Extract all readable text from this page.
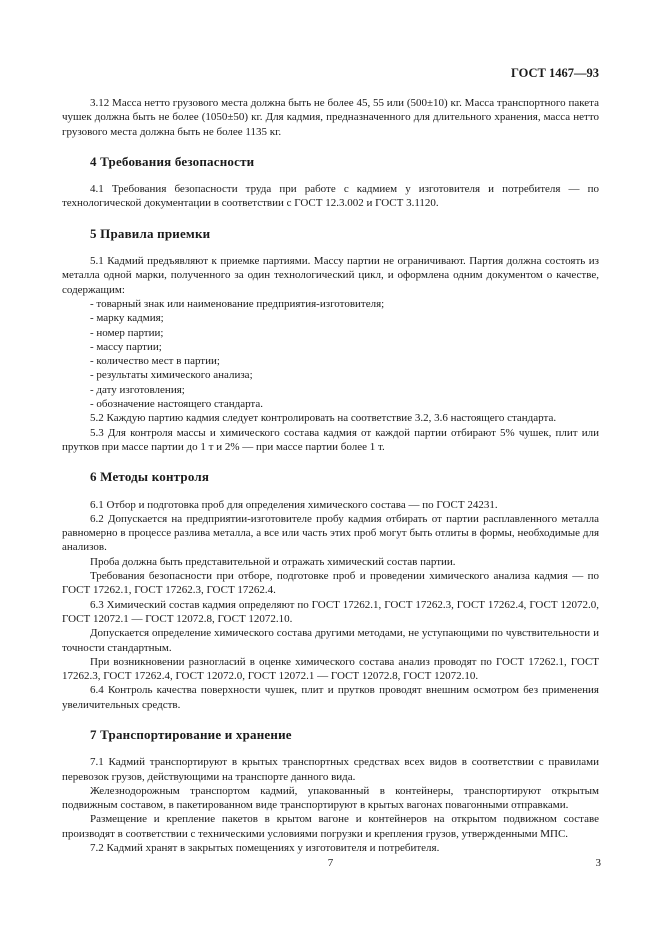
ГОСТ 1467—93

3.12 Масса нетто грузового места должна быть не более 45, 55 или (500±10) кг. Масса транспортного пакета чушек должна быть не более (1050±50) кг. Для кадмия, предназначенного для длительного хранения, масса нетто грузового места должна быть не более 1135 кг.

4 Требования безопасности

4.1 Требования безопасности труда при работе с кадмием у изготовителя и потребителя — по технологической документации в соответствии с ГОСТ 12.3.002 и ГОСТ 3.1120.

5 Правила приемки

5.1 Кадмий предъявляют к приемке партиями. Массу партии не ограничивают. Партия должна состоять из металла одной марки, полученного за один технологический цикл, и оформлена одним документом о качестве, содержащим:

- товарный знак или наименование предприятия-изготовителя;
- марку кадмия;
- номер партии;
- массу партии;
- количество мест в партии;
- результаты химического анализа;
- дату изготовления;
- обозначение настоящего стандарта.

5.2 Каждую партию кадмия следует контролировать на соответствие 3.2, 3.6 настоящего стандарта.

5.3 Для контроля массы и химического состава кадмия от каждой партии отбирают 5% чушек, плит или прутков при массе партии до 1 т и 2% — при массе партии более 1 т.

6 Методы контроля

6.1 Отбор и подготовка проб для определения химического состава — по ГОСТ 24231.

6.2 Допускается на предприятии-изготовителе пробу кадмия отбирать от партии расплавленного металла равномерно в процессе разлива металла, а все или часть этих проб могут быть отлиты в формы, необходимые для анализов.

Проба должна быть представительной и отражать химический состав партии.

Требования безопасности при отборе, подготовке проб и проведении химического анализа кадмия — по ГОСТ 17262.1, ГОСТ 17262.3, ГОСТ 17262.4.

6.3 Химический состав кадмия определяют по ГОСТ 17262.1, ГОСТ 17262.3, ГОСТ 17262.4, ГОСТ 12072.0, ГОСТ 12072.1 — ГОСТ 12072.8, ГОСТ 12072.10.

Допускается определение химического состава другими методами, не уступающими по чувствительности и точности стандартным.

При возникновении разногласий в оценке химического состава анализ проводят по ГОСТ 17262.1, ГОСТ 17262.3, ГОСТ 17262.4, ГОСТ 12072.0, ГОСТ 12072.1 — ГОСТ 12072.8, ГОСТ 12072.10.

6.4 Контроль качества поверхности чушек, плит и прутков проводят внешним осмотром без применения увеличительных средств.

7 Транспортирование и хранение

7.1 Кадмий транспортируют в крытых транспортных средствах всех видов в соответствии с правилами перевозок грузов, действующими на транспорте данного вида.

Железнодорожным транспортом кадмий, упакованный в контейнеры, транспортируют открытым подвижным составом, в пакетированном виде транспортируют в крытых вагонах повагонными отправками.

Размещение и крепление пакетов в крытом вагоне и контейнеров на открытом подвижном составе производят в соответствии с техническими условиями погрузки и крепления грузов, утвержденными МПС.

7.2 Кадмий хранят в закрытых помещениях у изготовителя и потребителя.

7	3
